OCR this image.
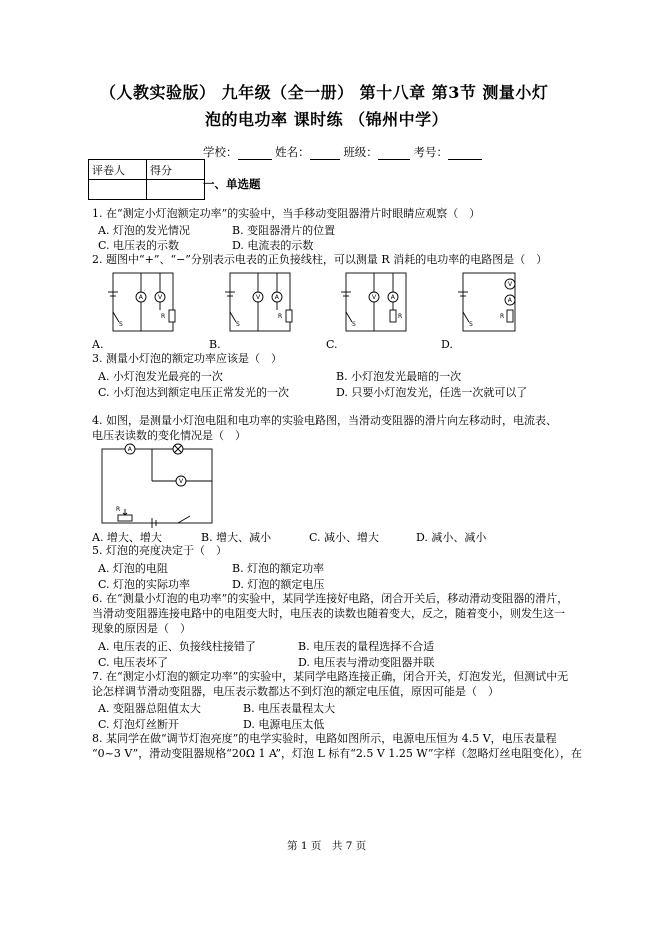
（人教实验版） 九年级（全一册） 第十八章 第3节 测量小灯
泡的电功率 课时练 （锦州中学）
学校：	姓名：	班级：	考号：
评卷人	得分

一、单选题
1. 在“测定小灯泡额定功率”的实验中，当手移动变阻器滑片时眼睛应观察（　）
A. 灯泡的发光情况	B. 变阻器滑片的位置
C. 电压表的示数	D. 电流表的示数
2. 题图中“+”、“−”分别表示电表的正负接线柱，可以测量 R 消耗的电功率的电路图是（　）
A	V
R
S
A.
V A
R
S
B.
V A
R
S
C.
V
A
R
S
D.
3. 测量小灯泡的额定功率应该是（　）
A. 小灯泡发光最亮的一次	B. 小灯泡发光最暗的一次
C. 小灯泡达到额定电压正常发光的一次	D. 只要小灯泡发光，任选一次就可以了
4. 如图，是测量小灯泡电阻和电功率的实验电路图，当滑动变阻器的滑片向左移动时，电流表、
电压表读数的变化情况是（　）
A
V
R
A. 增大、增大	B. 增大、减小	C. 减小、增大	D. 减小、减小
5. 灯泡的亮度决定于（　）
A. 灯泡的电阻	B. 灯泡的额定功率
C. 灯泡的实际功率	D. 灯泡的额定电压
6. 在“测量小灯泡的电功率”的实验中，某同学连接好电路，闭合开关后，移动滑动变阻器的滑片，
当滑动变阻器连接电路中的电阻变大时，电压表的读数也随着变大，反之，随着变小，则发生这一
现象的原因是（　）
A. 电压表的正、负接线柱接错了	B. 电压表的量程选择不合适
C. 电压表坏了	D. 电压表与滑动变阻器并联
7. 在“测定小灯泡的额定功率”的实验中，某同学电路连接正确，闭合开关，灯泡发光，但测试中无
论怎样调节滑动变阻器，电压表示数都达不到灯泡的额定电压值，原因可能是（　）
A. 变阻器总阻值太大	B. 电压表量程太大
C. 灯泡灯丝断开	D. 电源电压太低
8. 某同学在做“调节灯泡亮度”的电学实验时，电路如图所示，电源电压恒为 4.5 V，电压表量程
“0~3 V”，滑动变阻器规格“20Ω 1 A”，灯泡 L 标有“2.5 V 1.25 W”字样（忽略灯丝电阻变化），在
第 1 页　共 7 页
